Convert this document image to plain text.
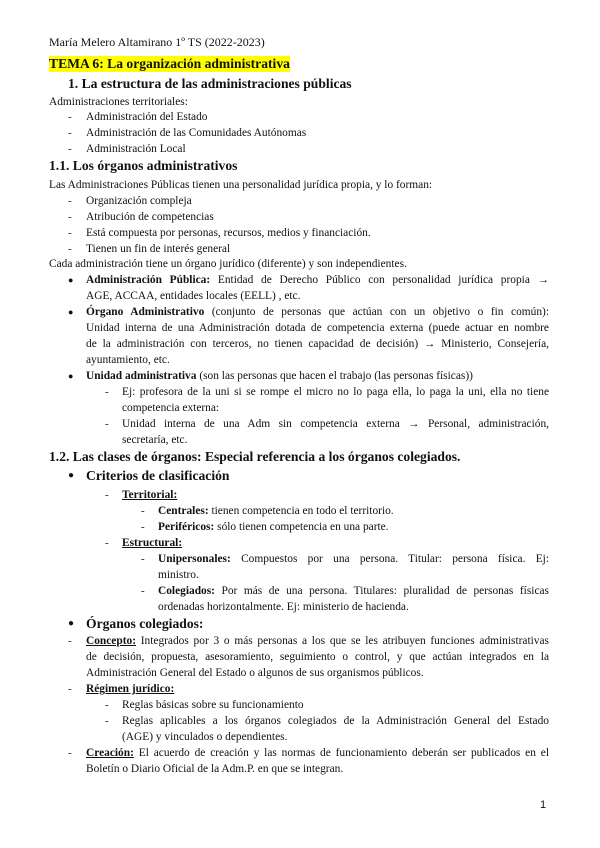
María Melero Altamirano 1º TS (2022-2023)
TEMA 6: La organización administrativa
1. La estructura de las administraciones públicas
Administraciones territoriales:
- Administración del Estado
- Administración de las Comunidades Autónomas
- Administración Local
1.1. Los órganos administrativos
Las Administraciones Públicas tienen una personalidad jurídica propia, y lo forman:
- Organización compleja
- Atribución de competencias
- Está compuesta por personas, recursos, medios y financiación.
- Tienen un fin de interés general
Cada administración tiene un órgano jurídico (diferente) y son independientes.
● Administración Pública: Entidad de Derecho Público con personalidad jurídica propia →
AGE, ACCAA, entidades locales (EELL) , etc.
● Órgano Administrativo (conjunto de personas que actúan con un objetivo o fin común):
Unidad interna de una Administración dotada de competencia externa (puede actuar en nombre
de la administración con terceros, no tienen capacidad de decisión) → Ministerio, Consejería,
ayuntamiento, etc.
● Unidad administrativa (son las personas que hacen el trabajo (las personas físicas))
- Ej: profesora de la uni si se rompe el micro no lo paga ella, lo paga la uni, ella no tiene
competencia externa:
- Unidad interna de una Adm sin competencia externa → Personal, administración,
secretaría, etc.
1.2. Las clases de órganos: Especial referencia a los órganos colegiados.
● Criterios de clasificación
- Territorial:
- Centrales: tienen competencia en todo el territorio.
- Periféricos: sólo tienen competencia en una parte.
- Estructural:
- Unipersonales: Compuestos por una persona. Titular: persona física. Ej:
ministro.
- Colegiados: Por más de una persona. Titulares: pluralidad de personas físicas
ordenadas horizontalmente. Ej: ministerio de hacienda.
● Órganos colegiados:
- Concepto: Integrados por 3 o más personas a los que se les atribuyen funciones administrativas
de decisión, propuesta, asesoramiento, seguimiento o control, y que actúan integrados en la
Administración General del Estado o algunos de sus organismos públicos.
- Régimen jurídico:
- Reglas básicas sobre su funcionamiento
- Reglas aplicables a los órganos colegiados de la Administración General del Estado
(AGE) y vinculados o dependientes.
- Creación: El acuerdo de creación y las normas de funcionamiento deberán ser publicados en el
Boletín o Diario Oficial de la Adm.P. en que se integran.
1
